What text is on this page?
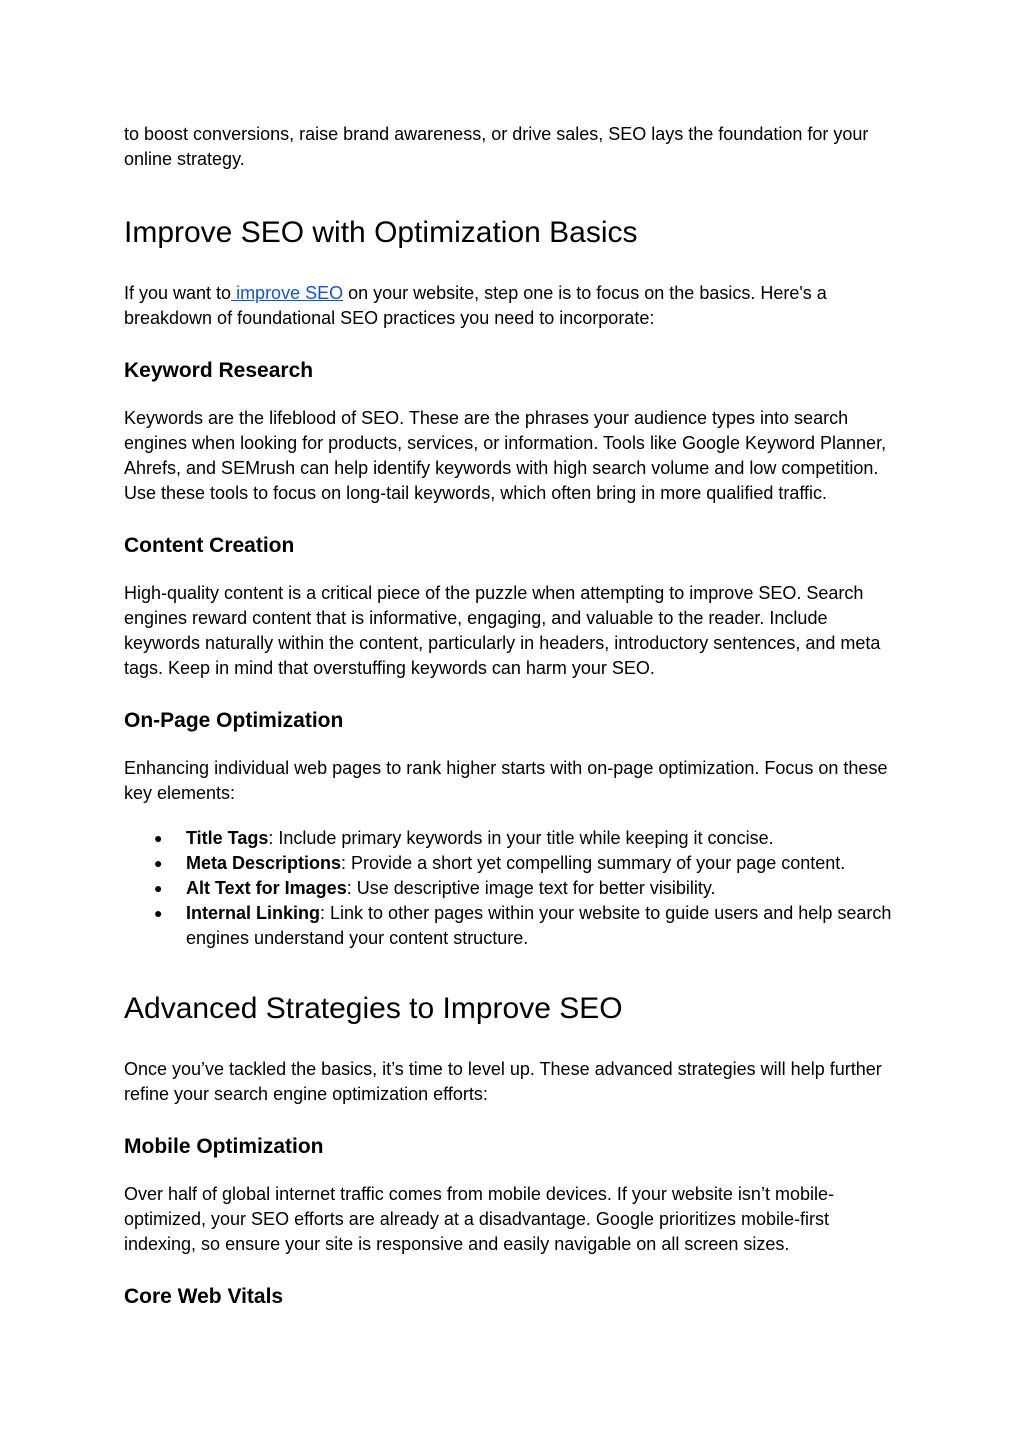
to boost conversions, raise brand awareness, or drive sales, SEO lays the foundation for your online strategy.

Improve SEO with Optimization Basics

If you want to improve SEO on your website, step one is to focus on the basics. Here's a breakdown of foundational SEO practices you need to incorporate:

Keyword Research

Keywords are the lifeblood of SEO. These are the phrases your audience types into search engines when looking for products, services, or information. Tools like Google Keyword Planner, Ahrefs, and SEMrush can help identify keywords with high search volume and low competition. Use these tools to focus on long-tail keywords, which often bring in more qualified traffic.

Content Creation

High-quality content is a critical piece of the puzzle when attempting to improve SEO. Search engines reward content that is informative, engaging, and valuable to the reader. Include keywords naturally within the content, particularly in headers, introductory sentences, and meta tags. Keep in mind that overstuffing keywords can harm your SEO.

On-Page Optimization

Enhancing individual web pages to rank higher starts with on-page optimization. Focus on these key elements:

● Title Tags: Include primary keywords in your title while keeping it concise.
● Meta Descriptions: Provide a short yet compelling summary of your page content.
● Alt Text for Images: Use descriptive image text for better visibility.
● Internal Linking: Link to other pages within your website to guide users and help search engines understand your content structure.
Advanced Strategies to Improve SEO

Once you’ve tackled the basics, it’s time to level up. These advanced strategies will help further refine your search engine optimization efforts:

Mobile Optimization

Over half of global internet traffic comes from mobile devices. If your website isn’t mobile-optimized, your SEO efforts are already at a disadvantage. Google prioritizes mobile-first indexing, so ensure your site is responsive and easily navigable on all screen sizes.

Core Web Vitals
